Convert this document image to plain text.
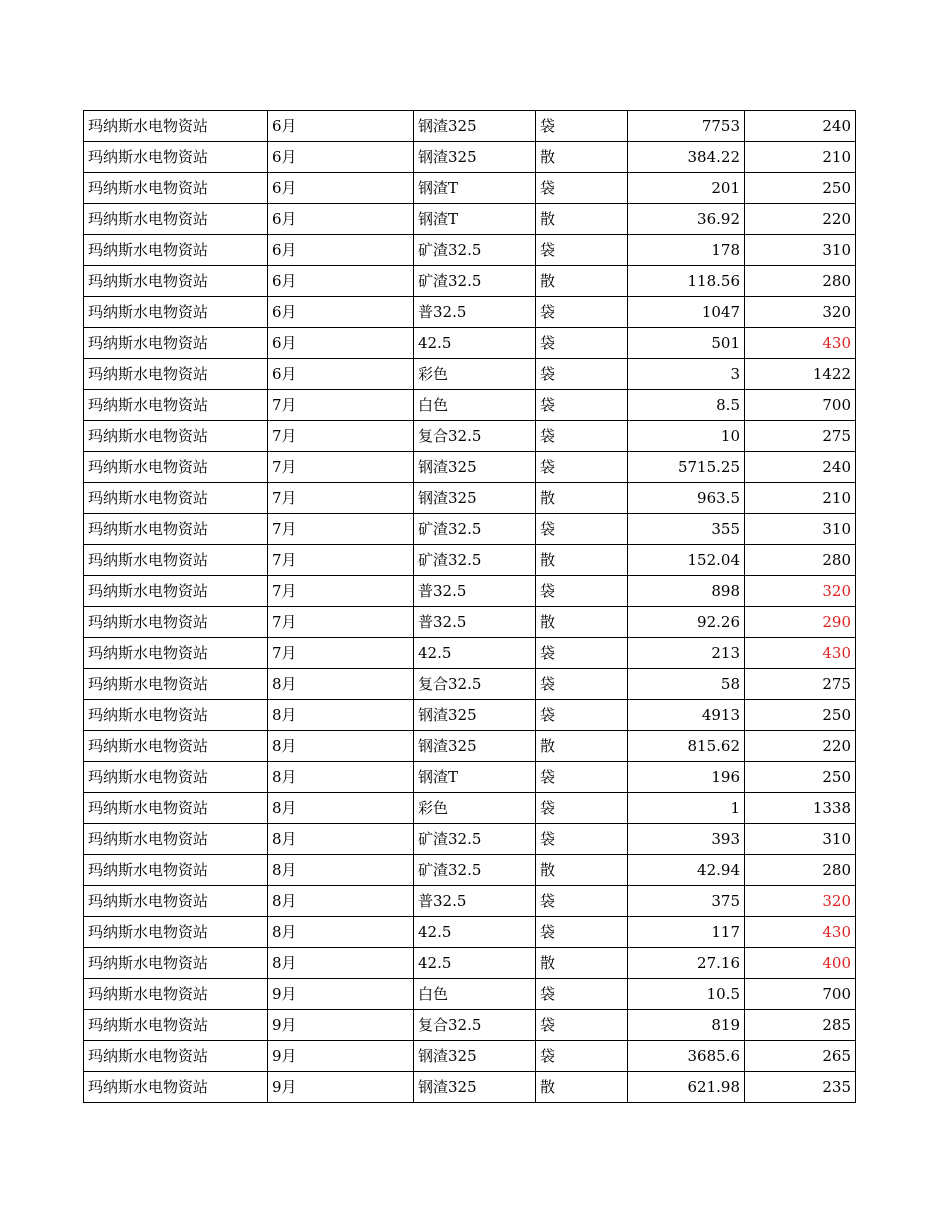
玛纳斯水电物资站	6月	钢渣325	袋	7753	240
玛纳斯水电物资站	6月	钢渣325	散	384.22	210
玛纳斯水电物资站	6月	钢渣T	袋	201	250
玛纳斯水电物资站	6月	钢渣T	散	36.92	220
玛纳斯水电物资站	6月	矿渣32.5	袋	178	310
玛纳斯水电物资站	6月	矿渣32.5	散	118.56	280
玛纳斯水电物资站	6月	普32.5	袋	1047	320
玛纳斯水电物资站	6月	42.5	袋	501	430
玛纳斯水电物资站	6月	彩色	袋	3	1422
玛纳斯水电物资站	7月	白色	袋	8.5	700
玛纳斯水电物资站	7月	复合32.5	袋	10	275
玛纳斯水电物资站	7月	钢渣325	袋	5715.25	240
玛纳斯水电物资站	7月	钢渣325	散	963.5	210
玛纳斯水电物资站	7月	矿渣32.5	袋	355	310
玛纳斯水电物资站	7月	矿渣32.5	散	152.04	280
玛纳斯水电物资站	7月	普32.5	袋	898	320
玛纳斯水电物资站	7月	普32.5	散	92.26	290
玛纳斯水电物资站	7月	42.5	袋	213	430
玛纳斯水电物资站	8月	复合32.5	袋	58	275
玛纳斯水电物资站	8月	钢渣325	袋	4913	250
玛纳斯水电物资站	8月	钢渣325	散	815.62	220
玛纳斯水电物资站	8月	钢渣T	袋	196	250
玛纳斯水电物资站	8月	彩色	袋	1	1338
玛纳斯水电物资站	8月	矿渣32.5	袋	393	310
玛纳斯水电物资站	8月	矿渣32.5	散	42.94	280
玛纳斯水电物资站	8月	普32.5	袋	375	320
玛纳斯水电物资站	8月	42.5	袋	117	430
玛纳斯水电物资站	8月	42.5	散	27.16	400
玛纳斯水电物资站	9月	白色	袋	10.5	700
玛纳斯水电物资站	9月	复合32.5	袋	819	285
玛纳斯水电物资站	9月	钢渣325	袋	3685.6	265
玛纳斯水电物资站	9月	钢渣325	散	621.98	235
